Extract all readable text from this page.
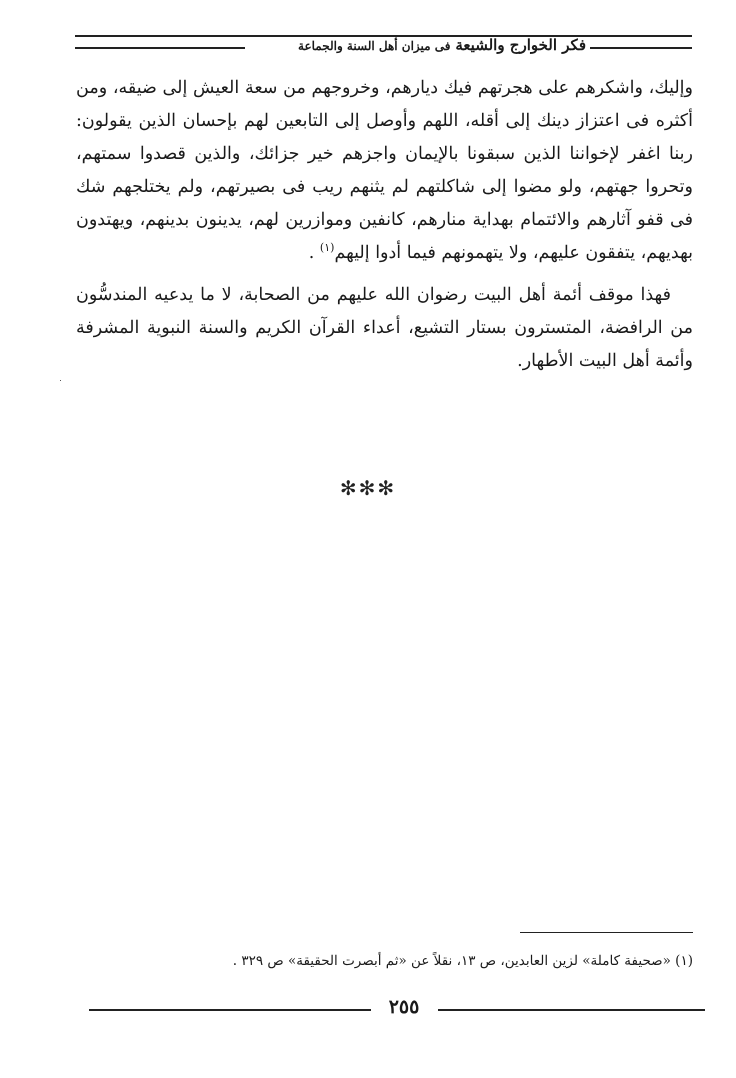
فكر الخوارج والشيعة فى ميزان أهل السنة والجماعة

وإليك، واشكرهم على هجرتهم فيك ديارهم، وخروجهم من سعة العيش إلى ضيقه، ومن أكثره فى اعتزاز دينك إلى أقله، اللهم وأوصل إلى التابعين لهم بإحسان الذين يقولون: ربنا اغفر لإخواننا الذين سبقونا بالإيمان واجزهم خير جزائك، والذين قصدوا سمتهم، وتحروا جهتهم، ولو مضوا إلى شاكلتهم لم يثنهم ريب فى بصيرتهم، ولم يختلجهم شك فى قفو آثارهم والائتمام بهداية منارهم، كانفين وموازرين لهم، يدينون بدينهم، ويهتدون بهديهم، يتفقون عليهم، ولا يتهمونهم فيما أدوا إليهم$^{(١)}$ .

فهذا موقف أئمة أهل البيت رضوان الله عليهم من الصحابة، لا ما يدعيه المندسُّون من الرافضة، المتسترون بستار التشيع، أعداء القرآن الكريم والسنة النبوية المشرفة وأئمة أهل البيت الأطهار.

✻✻✻
(١) «صحيفة كاملة» لزين العابدين، ص ١٣، نقلاً عن «ثم أبصرت الحقيقة» ص ٣٢٩ .
٢٥٥
